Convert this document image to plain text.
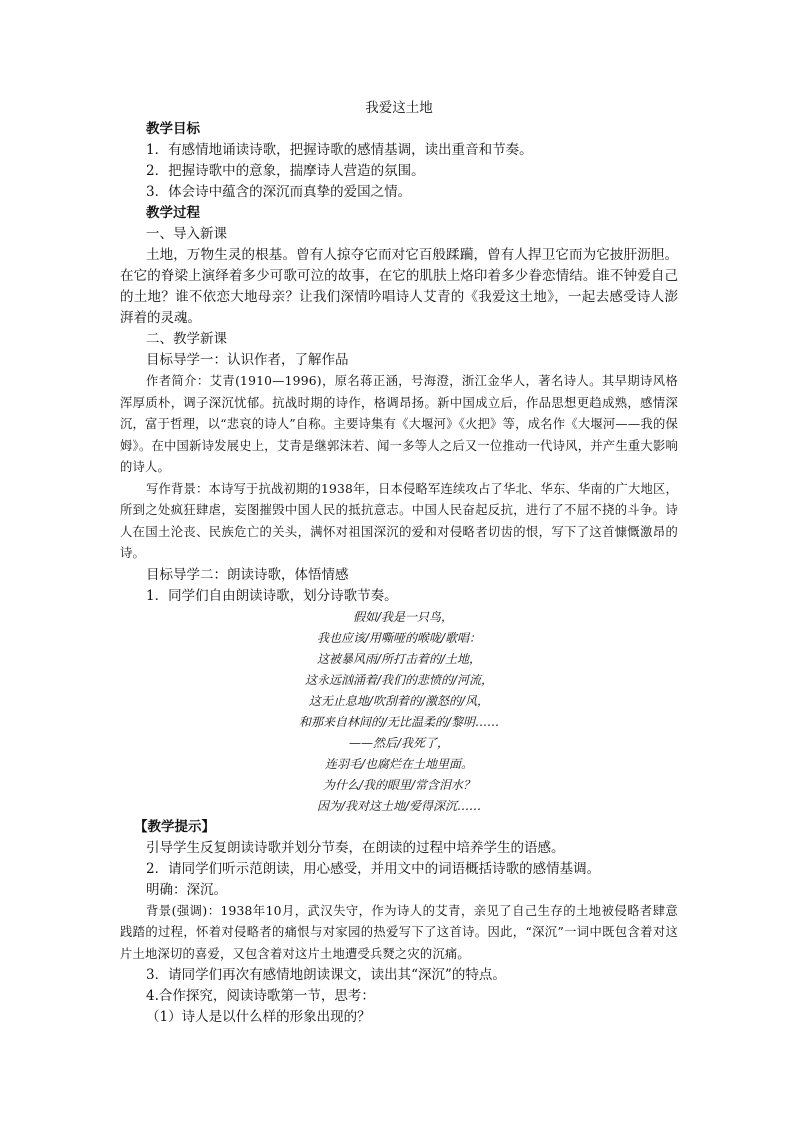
我爱这土地
教学目标
1．有感情地诵读诗歌，把握诗歌的感情基调，读出重音和节奏。
2．把握诗歌中的意象，揣摩诗人营造的氛围。
3．体会诗中蕴含的深沉而真挚的爱国之情。
教学过程
一、导入新课
土地，万物生灵的根基。曾有人掠夺它而对它百般蹂躏，曾有人捍卫它而为它披肝沥胆。在它的脊梁上演绎着多少可歌可泣的故事，在它的肌肤上烙印着多少眷恋情结。谁不钟爱自己的土地？谁不依恋大地母亲？让我们深情吟唱诗人艾青的《我爱这土地》，一起去感受诗人澎湃着的灵魂。
二、教学新课
目标导学一：认识作者，了解作品
作者简介：艾青(1910—1996)，原名蒋正涵，号海澄，浙江金华人，著名诗人。其早期诗风格浑厚质朴，调子深沉忧郁。抗战时期的诗作，格调昂扬。新中国成立后，作品思想更趋成熟，感情深沉，富于哲理，以“悲哀的诗人”自称。主要诗集有《大堰河》《火把》等，成名作《大堰河——我的保姆》。在中国新诗发展史上，艾青是继郭沫若、闻一多等人之后又一位推动一代诗风，并产生重大影响的诗人。
写作背景：本诗写于抗战初期的1938年，日本侵略军连续攻占了华北、华东、华南的广大地区，所到之处疯狂肆虐，妄图摧毁中国人民的抵抗意志。中国人民奋起反抗，进行了不屈不挠的斗争。诗人在国土沦丧、民族危亡的关头，满怀对祖国深沉的爱和对侵略者切齿的恨，写下了这首慷慨激昂的诗。
目标导学二：朗读诗歌，体悟情感
1．同学们自由朗读诗歌，划分诗歌节奏。
假如/我是一只鸟，
我也应该/用嘶哑的喉咙/歌唱：
这被暴风雨/所打击着的/土地，
这永远汹涌着/我们的悲愤的/河流，
这无止息地/吹刮着的/激怒的/风，
和那来自林间的/无比温柔的/黎明……
——然后/我死了，
连羽毛/也腐烂在土地里面。
为什么/我的眼里/常含泪水？
因为/我对这土地/爱得深沉……
【教学提示】
引导学生反复朗读诗歌并划分节奏，在朗读的过程中培养学生的语感。
2．请同学们听示范朗读，用心感受，并用文中的词语概括诗歌的感情基调。
明确：深沉。
背景(强调)：1938年10月，武汉失守，作为诗人的艾青，亲见了自己生存的土地被侵略者肆意践踏的过程，怀着对侵略者的痛恨与对家园的热爱写下了这首诗。因此，“深沉”一词中既包含着对这片土地深切的喜爱，又包含着对这片土地遭受兵燹之灾的沉痛。
3．请同学们再次有感情地朗读课文，读出其“深沉”的特点。
4.合作探究，阅读诗歌第一节，思考：
（1）诗人是以什么样的形象出现的？
